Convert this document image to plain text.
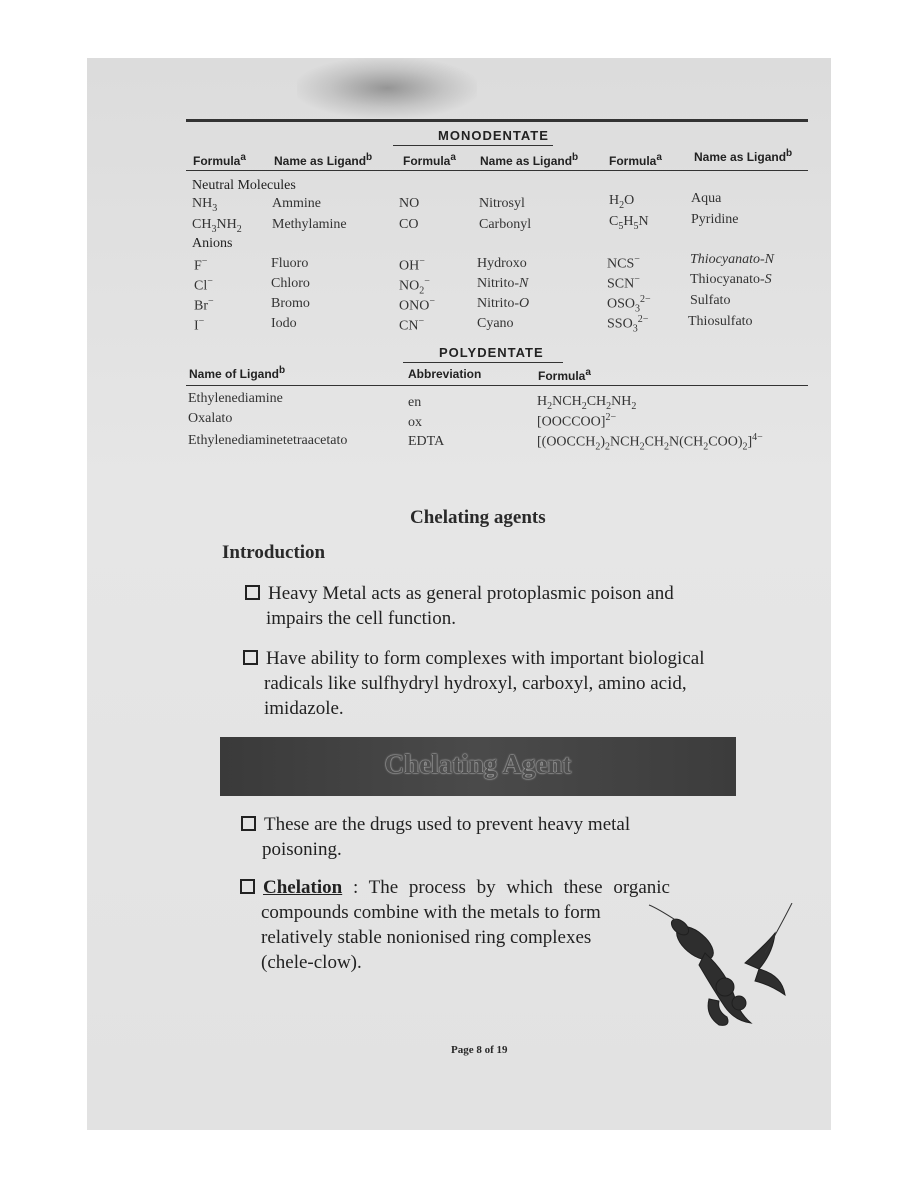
MONODENTATE
Formula$^a$ Name as Ligand$^b$	Formula$^a$ Name as Ligand$^b$	Formula$^a$	Name as Ligand$^b$
Neutral Molecules
$NH_3$	Ammine	NO	Nitrosyl	$H_2O$	Aqua
$CH_3NH_2$ Methylamine	CO	Carbonyl	$C_5H_5N$	Pyridine
Anions
F−	Fluoro	OH−	Hydroxo	NCS−	Thiocyanato-N
Cl−	Chloro	$NO_2^-$	Nitrito-N	SCN−	Thiocyanato-S
Br−	Bromo	ONO−	Nitrito-O	$OSO_3^{2-}$	Sulfato
I−	Iodo	CN−	Cyano	$SSO_3^{2-}$	Thiosulfato
POLYDENTATE
Name of Ligand$^b$	Abbreviation	Formula$^a$
Ethylenediamine	en	$H_2NCH_2CH_2NH_2$
Oxalato	ox	[OOCCOO]$^{2-}$
Ethylenediaminetetraacetato	EDTA	$[(OOCCH_2)_2NCH_2CH_2N(CH_2COO)_2]^{4-}$
Chelating agents
Introduction
Heavy Metal acts as general protoplasmic poison and
impairs the cell function.
Have ability to form complexes with important biological
radicals like sulfhydryl hydroxyl, carboxyl, amino acid,
imidazole.
Chelating Agent
These are the drugs used to prevent heavy metal
poisoning.
Chelation : The process by which these organic
compounds combine with the metals to form
relatively stable nonionised ring complexes
(chele-clow).
Page 8 of 19
